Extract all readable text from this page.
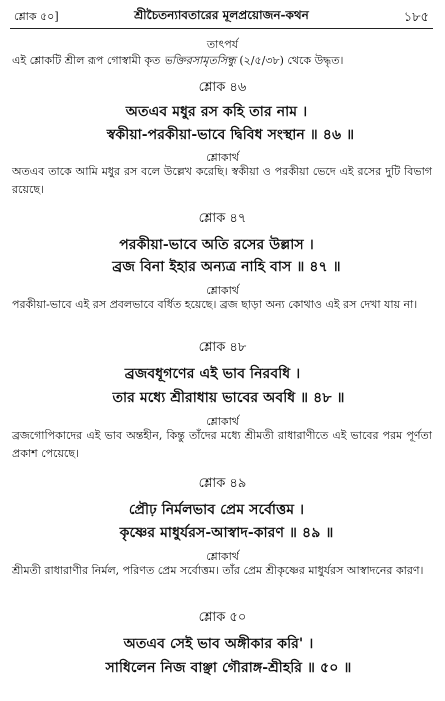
শ্লোক ৫০]	শ্রীচৈতন্যাবতারের মূলপ্রয়োজন-কথন	১৮৫
তাৎপর্য
এই শ্লোকটি শ্রীল রূপ গোস্বামী কৃত ভক্তিরসামৃতসিন্ধু (২/৫/৩৮) থেকে উদ্ধৃত।
শ্লোক ৪৬
অতএব মধুর রস কহি তার নাম ।
স্বকীয়া-পরকীয়া-ভাবে দ্বিবিধ সংস্থান ॥ ৪৬ ॥
শ্লোকার্থ
অতএব তাকে আমি মধুর রস বলে উল্লেখ করেছি। স্বকীয়া ও পরকীয়া ভেদে এই রসের দুটি বিভাগ রয়েছে।
শ্লোক ৪৭
পরকীয়া-ভাবে অতি রসের উল্লাস ।
ব্রজ বিনা ইহার অন্যত্র নাহি বাস ॥ ৪৭ ॥
শ্লোকার্থ
পরকীয়া-ভাবে এই রস প্রবলভাবে বর্ধিত হয়েছে। ব্রজ ছাড়া অন্য কোথাও এই রস দেখা যায় না।
শ্লোক ৪৮
ব্রজবধূগণের এই ভাব নিরবধি ।
তার মধ্যে শ্রীরাধায় ভাবের অবধি ॥ ৪৮ ॥
শ্লোকার্থ
ব্রজগোপিকাদের এই ভাব অন্তহীন, কিন্তু তাঁদের মধ্যে শ্রীমতী রাধারাণীতে এই ভাবের পরম পূর্ণতা প্রকাশ পেয়েছে।
শ্লোক ৪৯
প্রৌঢ় নির্মলভাব প্রেম সর্বোত্তম ।
কৃষ্ণের মাধুর্যরস-আস্বাদ-কারণ ॥ ৪৯ ॥
শ্লোকার্থ
শ্রীমতী রাধারাণীর নির্মল, পরিণত প্রেম সর্বোত্তম। তাঁর প্রেম শ্রীকৃষ্ণের মাধুর্যরস আস্বাদনের কারণ।
শ্লোক ৫০
অতএব সেই ভাব অঙ্গীকার করি' ।
সাধিলেন নিজ বাঞ্ছা গৌরাঙ্গ-শ্রীহরি ॥ ৫০ ॥
